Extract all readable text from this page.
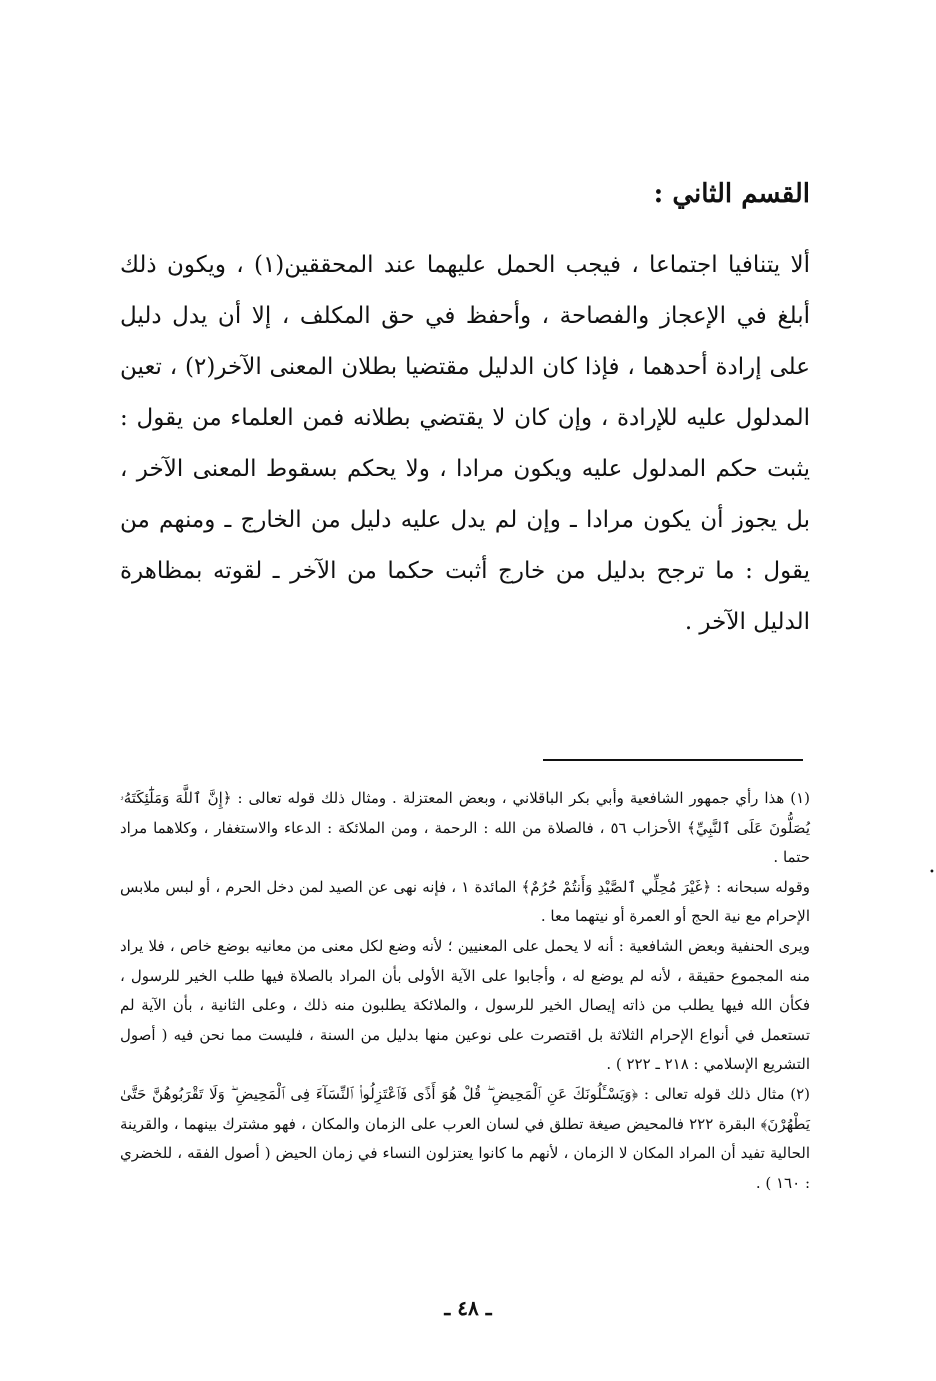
القسم الثاني :
ألا يتنافيا اجتماعا ، فيجب الحمل عليهما عند المحققين(١) ، ويكون ذلك أبلغ في الإعجاز والفصاحة ، وأحفظ في حق المكلف ، إلا أن يدل دليل على إرادة أحدهما ، فإذا كان الدليل مقتضيا بطلان المعنى الآخر(٢) ، تعين المدلول عليه للإرادة ، وإن كان لا يقتضي بطلانه فمن العلماء من يقول : يثبت حكم المدلول عليه ويكون مرادا ، ولا يحكم بسقوط المعنى الآخر ، بل يجوز أن يكون مرادا ـ وإن لم يدل عليه دليل من الخارج ـ ومنهم من يقول : ما ترجح بدليل من خارج أثبت حكما من الآخر ـ لقوته بمظاهرة الدليل الآخر .

(١) هذا رأي جمهور الشافعية وأبي بكر الباقلاني ، وبعض المعتزلة . ومثال ذلك قوله تعالى : ﴿إِنَّ ٱللَّهَ وَمَلَٰٓئِكَتَهُۥ يُصَلُّونَ عَلَى ٱلنَّبِيِّ﴾ الأحزاب ٥٦ ، فالصلاة من الله : الرحمة ، ومن الملائكة : الدعاء والاستغفار ، وكلاهما مراد حتما .

وقوله سبحانه : ﴿غَيْرَ مُحِلِّي ٱلصَّيْدِ وَأَنتُمْ حُرُمٌ﴾ المائدة ١ ، فإنه نهى عن الصيد لمن دخل الحرم ، أو لبس ملابس الإحرام مع نية الحج أو العمرة أو نيتهما معا .

ويرى الحنفية وبعض الشافعية : أنه لا يحمل على المعنيين ؛ لأنه وضع لكل معنى من معانيه بوضع خاص ، فلا يراد منه المجموع حقيقة ، لأنه لم يوضع له ، وأجابوا على الآية الأولى بأن المراد بالصلاة فيها طلب الخير للرسول ، فكأن الله فيها يطلب من ذاته إيصال الخير للرسول ، والملائكة يطلبون منه ذلك ، وعلى الثانية ، بأن الآية لم تستعمل في أنواع الإحرام الثلاثة بل اقتصرت على نوعين منها بدليل من السنة ، فليست مما نحن فيه ( أصول التشريع الإسلامي : ٢١٨ ـ ٢٢٢ ) .

(٢) مثال ذلك قوله تعالى : ﴿وَيَسْـَٔلُونَكَ عَنِ ٱلْمَحِيضِ ۖ قُلْ هُوَ أَذًى فَٱعْتَزِلُوا۟ ٱلنِّسَآءَ فِى ٱلْمَحِيضِ ۖ وَلَا تَقْرَبُوهُنَّ حَتَّىٰ يَطْهُرْنَ﴾ البقرة ٢٢٢ فالمحيض صيغة تطلق في لسان العرب على الزمان والمكان ، فهو مشترك بينهما ، والقرينة الحالية تفيد أن المراد المكان لا الزمان ، لأنهم ما كانوا يعتزلون النساء في زمان الحيض ( أصول الفقه ، للخضري : ١٦٠ ) .

ـ ٤٨ ـ
•
